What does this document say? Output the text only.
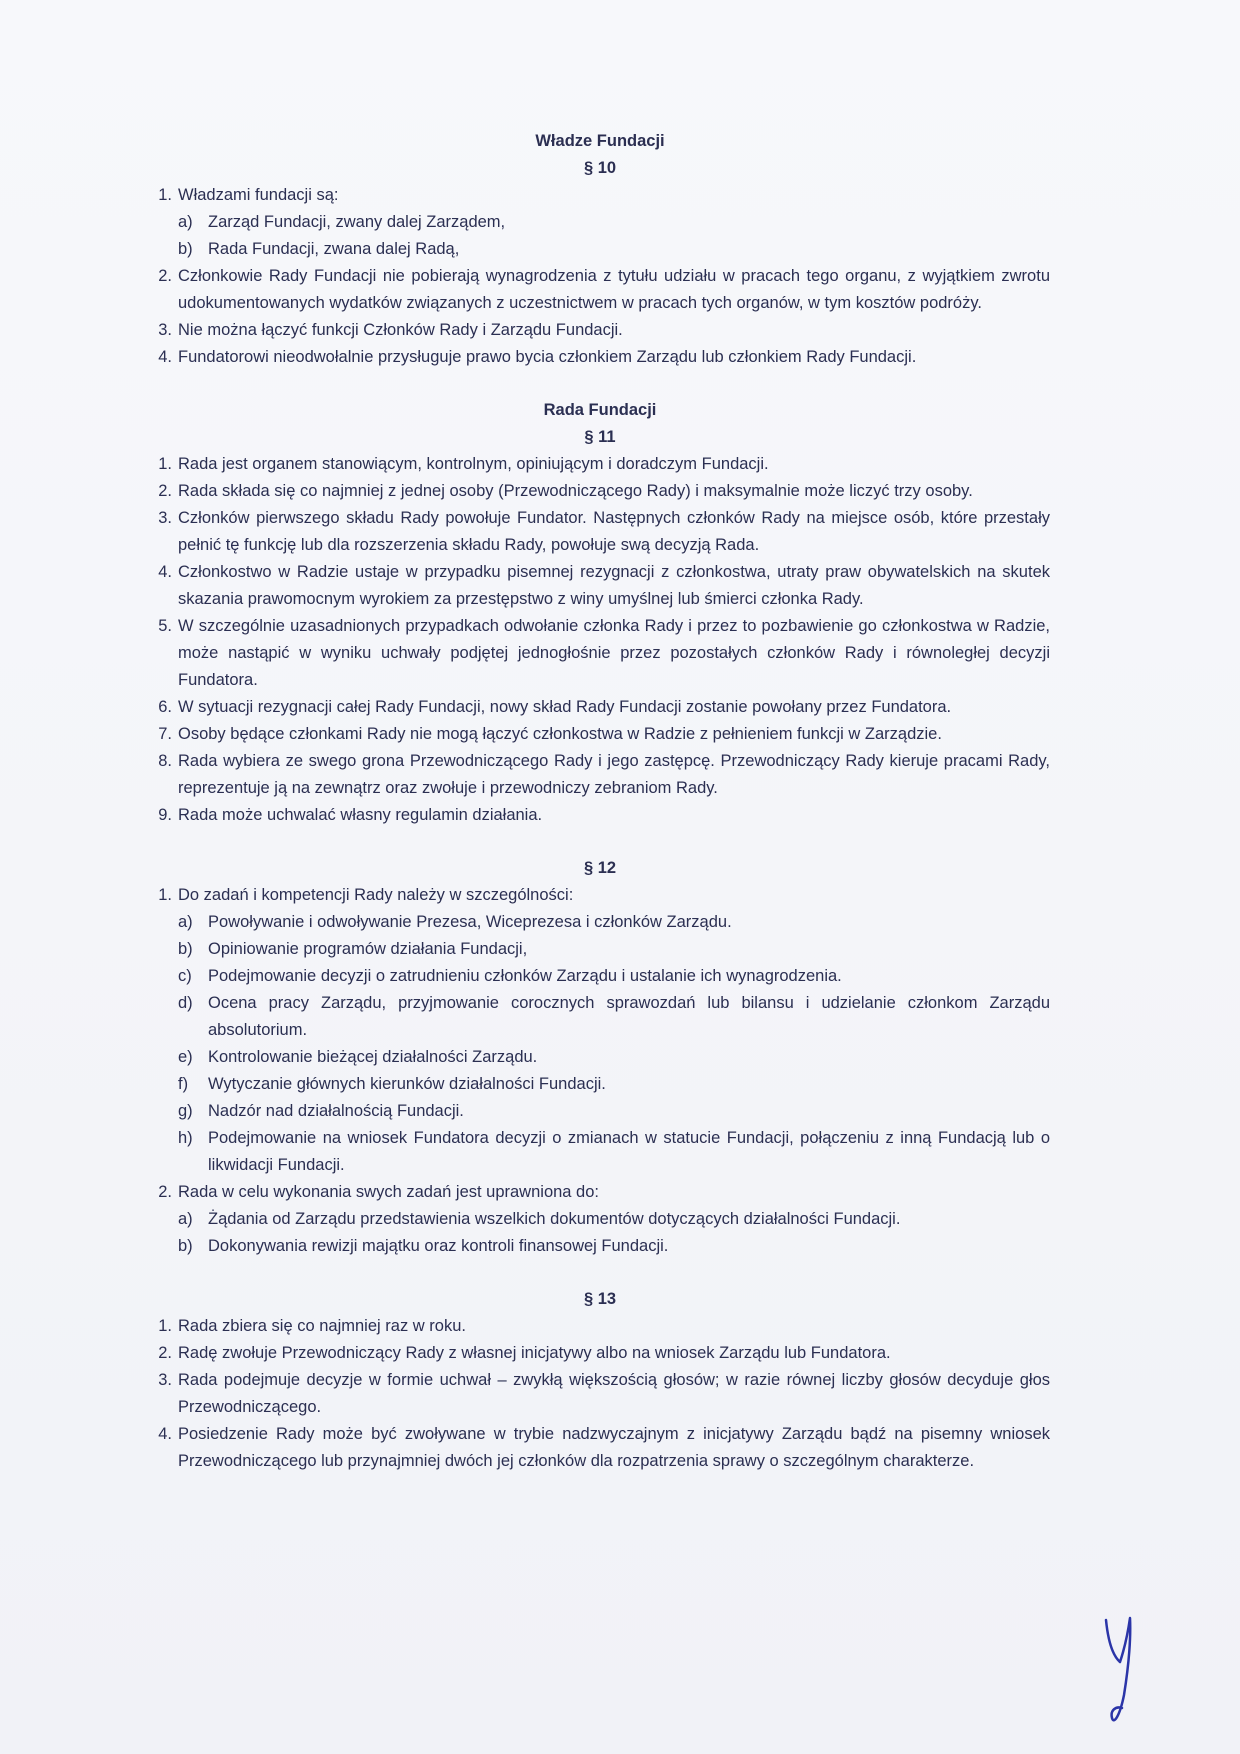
Władze Fundacji

§ 10

1. Władzami fundacji są:
a) Zarząd Fundacji, zwany dalej Zarządem,
b) Rada Fundacji, zwana dalej Radą,
2. Członkowie Rady Fundacji nie pobierają wynagrodzenia z tytułu udziału w pracach tego organu, z wyjątkiem zwrotu udokumentowanych wydatków związanych z uczestnictwem w pracach tych organów, w tym kosztów podróży.
3. Nie można łączyć funkcji Członków Rady i Zarządu Fundacji.
4. Fundatorowi nieodwołalnie przysługuje prawo bycia członkiem Zarządu lub członkiem Rady Fundacji.

Rada Fundacji

§ 11

1. Rada jest organem stanowiącym, kontrolnym, opiniującym i doradczym Fundacji.
2. Rada składa się co najmniej z jednej osoby (Przewodniczącego Rady) i maksymalnie może liczyć trzy osoby.
3. Członków pierwszego składu Rady powołuje Fundator. Następnych członków Rady na miejsce osób, które przestały pełnić tę funkcję lub dla rozszerzenia składu Rady, powołuje swą decyzją Rada.
4. Członkostwo w Radzie ustaje w przypadku pisemnej rezygnacji z członkostwa, utraty praw obywatelskich na skutek skazania prawomocnym wyrokiem za przestępstwo z winy umyślnej lub śmierci członka Rady.
5. W szczególnie uzasadnionych przypadkach odwołanie członka Rady i przez to pozbawienie go członkostwa w Radzie, może nastąpić w wyniku uchwały podjętej jednogłośnie przez pozostałych członków Rady i równoległej decyzji Fundatora.
6. W sytuacji rezygnacji całej Rady Fundacji, nowy skład Rady Fundacji zostanie powołany przez Fundatora.
7. Osoby będące członkami Rady nie mogą łączyć członkostwa w Radzie z pełnieniem funkcji w Zarządzie.
8. Rada wybiera ze swego grona Przewodniczącego Rady i jego zastępcę. Przewodniczący Rady kieruje pracami Rady, reprezentuje ją na zewnątrz oraz zwołuje i przewodniczy zebraniom Rady.
9. Rada może uchwalać własny regulamin działania.

§ 12

1. Do zadań i kompetencji Rady należy w szczególności:
a) Powoływanie i odwoływanie Prezesa, Wiceprezesa i członków Zarządu.
b) Opiniowanie programów działania Fundacji,
c) Podejmowanie decyzji o zatrudnieniu członków Zarządu i ustalanie ich wynagrodzenia.
d) Ocena pracy Zarządu, przyjmowanie corocznych sprawozdań lub bilansu i udzielanie członkom Zarządu absolutorium.
e) Kontrolowanie bieżącej działalności Zarządu.
f) Wytyczanie głównych kierunków działalności Fundacji.
g) Nadzór nad działalnością Fundacji.
h) Podejmowanie na wniosek Fundatora decyzji o zmianach w statucie Fundacji, połączeniu z inną Fundacją lub o likwidacji Fundacji.
2. Rada w celu wykonania swych zadań jest uprawniona do:
a) Żądania od Zarządu przedstawienia wszelkich dokumentów dotyczących działalności Fundacji.
b) Dokonywania rewizji majątku oraz kontroli finansowej Fundacji.

§ 13

1. Rada zbiera się co najmniej raz w roku.
2. Radę zwołuje Przewodniczący Rady z własnej inicjatywy albo na wniosek Zarządu lub Fundatora.
3. Rada podejmuje decyzje w formie uchwał – zwykłą większością głosów; w razie równej liczby głosów decyduje głos Przewodniczącego.
4. Posiedzenie Rady może być zwoływane w trybie nadzwyczajnym z inicjatywy Zarządu bądź na pisemny wniosek Przewodniczącego lub przynajmniej dwóch jej członków dla rozpatrzenia sprawy o szczególnym charakterze.
